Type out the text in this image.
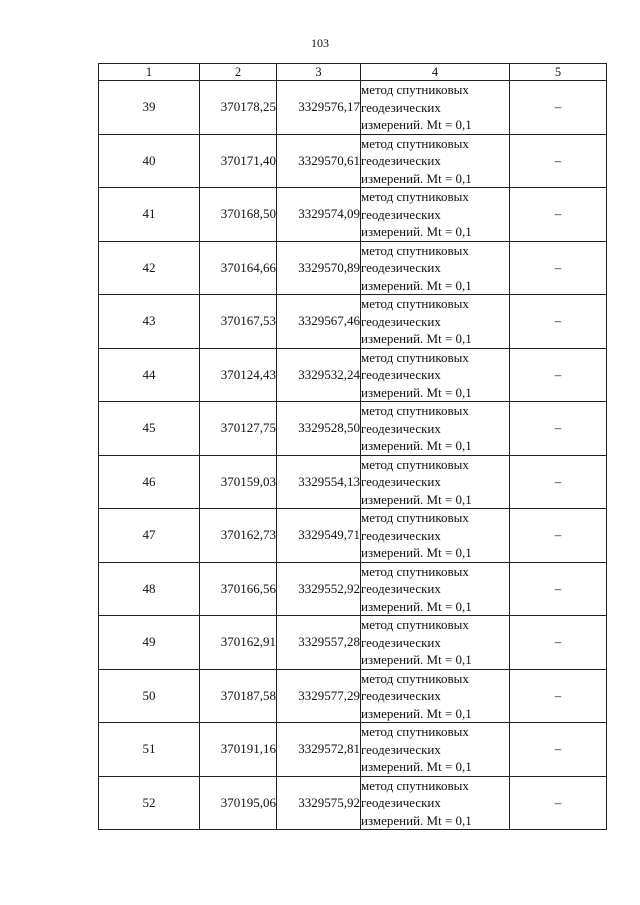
103
1	2	3	4	5
39	370178,25	3329576,17	метод спутниковых
геодезических
измерений. Mt = 0,1	–
40	370171,40	3329570,61	метод спутниковых
геодезических
измерений. Mt = 0,1	–
41	370168,50	3329574,09	метод спутниковых
геодезических
измерений. Mt = 0,1	–
42	370164,66	3329570,89	метод спутниковых
геодезических
измерений. Mt = 0,1	–
43	370167,53	3329567,46	метод спутниковых
геодезических
измерений. Mt = 0,1	–
44	370124,43	3329532,24	метод спутниковых
геодезических
измерений. Mt = 0,1	–
45	370127,75	3329528,50	метод спутниковых
геодезических
измерений. Mt = 0,1	–
46	370159,03	3329554,13	метод спутниковых
геодезических
измерений. Mt = 0,1	–
47	370162,73	3329549,71	метод спутниковых
геодезических
измерений. Mt = 0,1	–
48	370166,56	3329552,92	метод спутниковых
геодезических
измерений. Mt = 0,1	–
49	370162,91	3329557,28	метод спутниковых
геодезических
измерений. Mt = 0,1	–
50	370187,58	3329577,29	метод спутниковых
геодезических
измерений. Mt = 0,1	–
51	370191,16	3329572,81	метод спутниковых
геодезических
измерений. Mt = 0,1	–
52	370195,06	3329575,92	метод спутниковых
геодезических
измерений. Mt = 0,1	–
